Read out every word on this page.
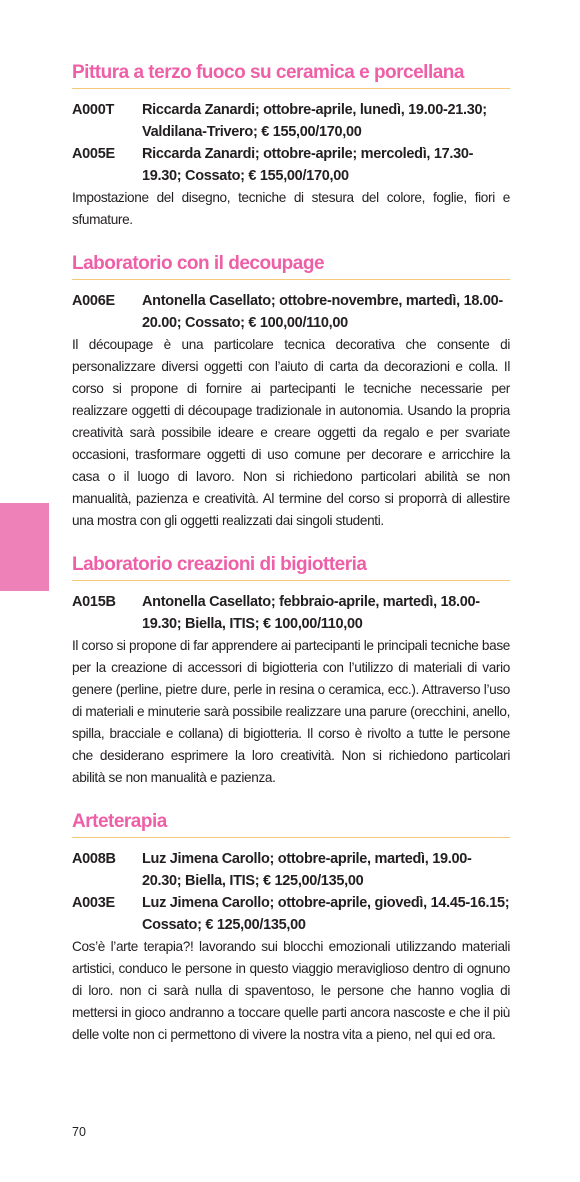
Pittura a terzo fuoco su ceramica e porcellana
A000T	Riccarda Zanardi; ottobre-aprile, lunedì, 19.00-21.30; Valdilana-Trivero; € 155,00/170,00
A005E	Riccarda Zanardi; ottobre-aprile; mercoledì, 17.30-19.30; Cossato; € 155,00/170,00

Impostazione del disegno, tecniche di stesura del colore, foglie, fiori e sfumature.

Laboratorio con il decoupage
A006E	Antonella Casellato; ottobre-novembre, martedì, 18.00-20.00; Cossato; € 100,00/110,00

Il découpage è una particolare tecnica decorativa che consente di personalizzare diversi oggetti con l’aiuto di carta da decorazioni e colla. Il corso si propone di fornire ai partecipanti le tecniche necessarie per realizzare oggetti di découpage tradizionale in autonomia. Usando la propria creatività sarà possibile ideare e creare oggetti da regalo e per svariate occasioni, trasformare oggetti di uso comune per decorare e arricchire la casa o il luogo di lavoro. Non si richiedono particolari abilità se non manualità, pazienza e creatività. Al termine del corso si proporrà di allestire una mostra con gli oggetti realizzati dai singoli studenti.

Laboratorio creazioni di bigiotteria
A015B	Antonella Casellato; febbraio-aprile, martedì, 18.00-19.30; Biella, ITIS; € 100,00/110,00

Il corso si propone di far apprendere ai partecipanti le principali tecniche base per la creazione di accessori di bigiotteria con l’utilizzo di materiali di vario genere (perline, pietre dure, perle in resina o ceramica, ecc.). Attraverso l’uso di materiali e minuterie sarà possibile realizzare una parure (orecchini, anello, spilla, bracciale e collana) di bigiotteria. Il corso è rivolto a tutte le persone che desiderano esprimere la loro creatività. Non si richiedono particolari abilità se non manualità e pazienza.

Arteterapia
A008B	Luz Jimena Carollo; ottobre-aprile, martedì, 19.00-20.30; Biella, ITIS; € 125,00/135,00
A003E	Luz Jimena Carollo; ottobre-aprile, giovedì, 14.45-16.15; Cossato; € 125,00/135,00

Cos’è l’arte terapia?! lavorando sui blocchi emozionali utilizzando materiali artistici, conduco le persone in questo viaggio meraviglioso dentro di ognuno di loro. non ci sarà nulla di spaventoso, le persone che hanno voglia di mettersi in gioco andranno a toccare quelle parti ancora nascoste e che il più delle volte non ci permettono di vivere la nostra vita a pieno, nel qui ed ora.

70
